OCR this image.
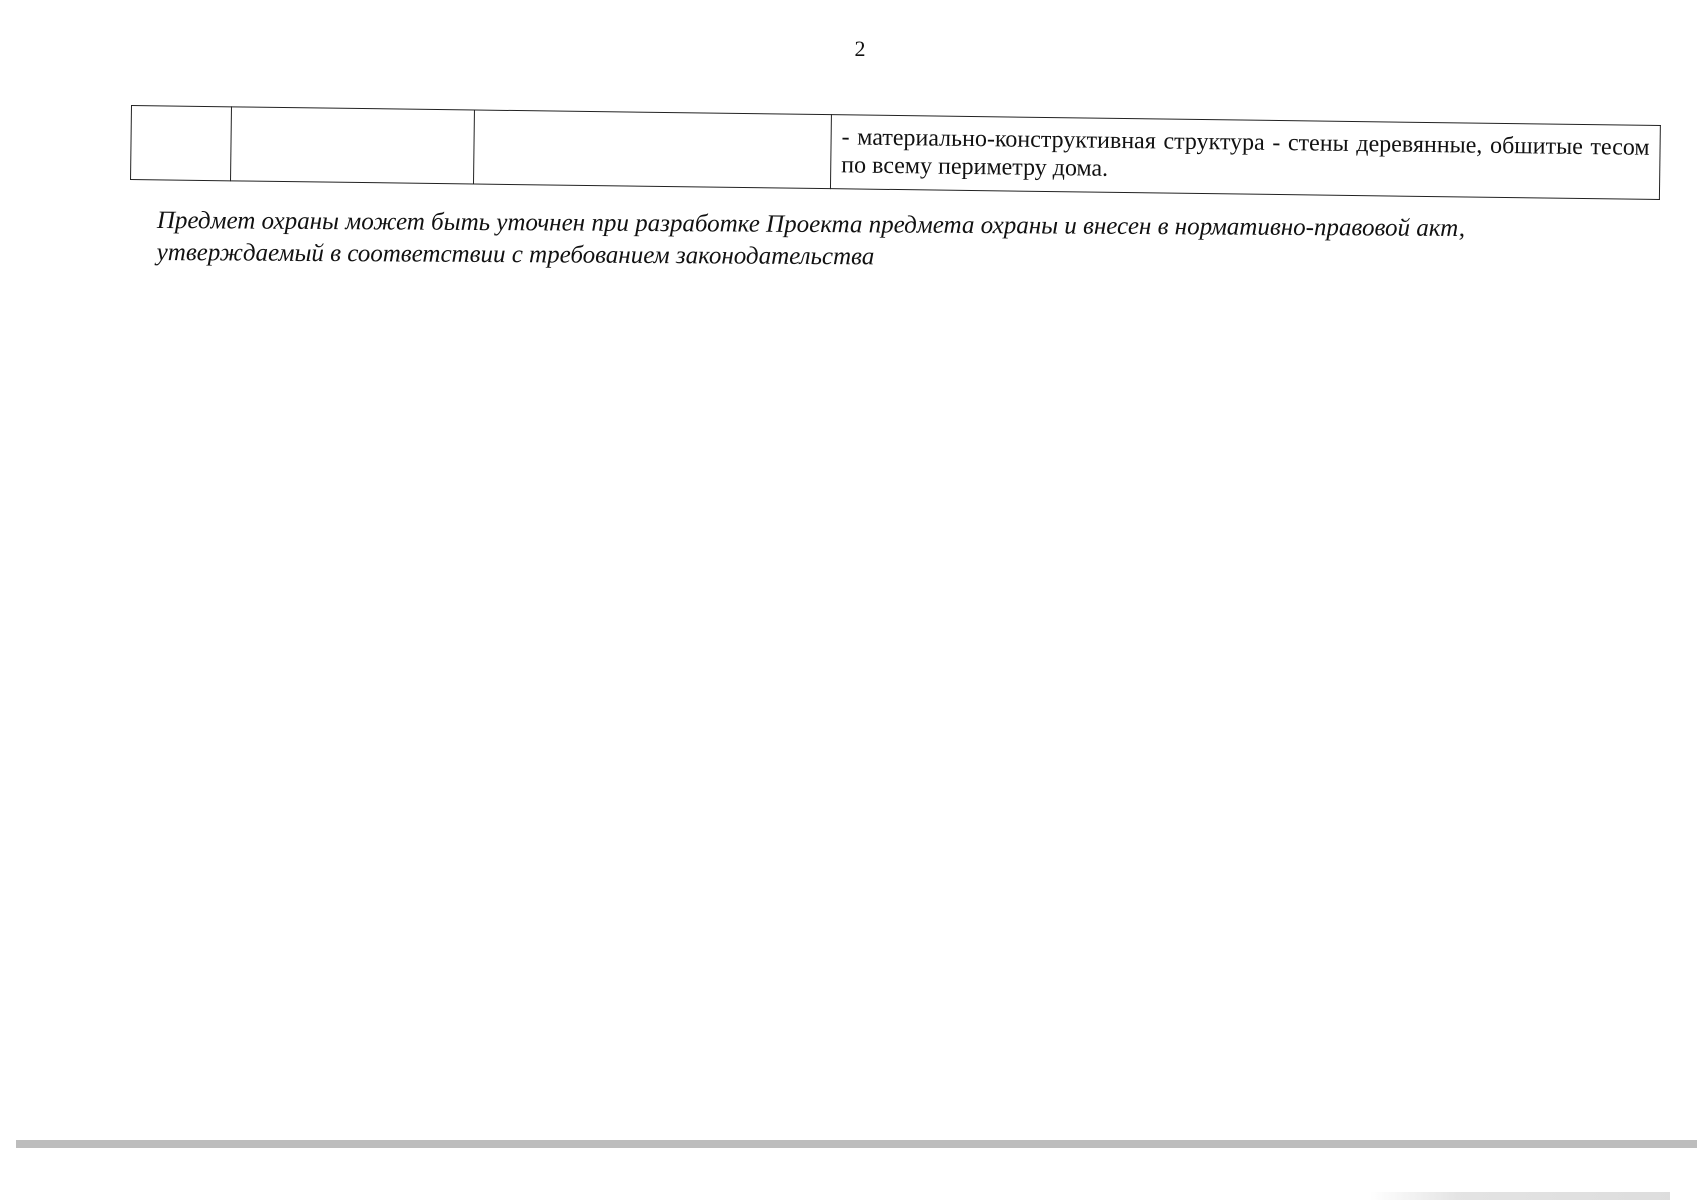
2

- материально-конструктивная структура - стены деревянные, обшитые тесом по всему периметру дома.
Предмет охраны может быть уточнен при разработке Проекта предмета охраны и внесен в нормативно-правовой акт, утверждаемый в соответствии с требованием законодательства
